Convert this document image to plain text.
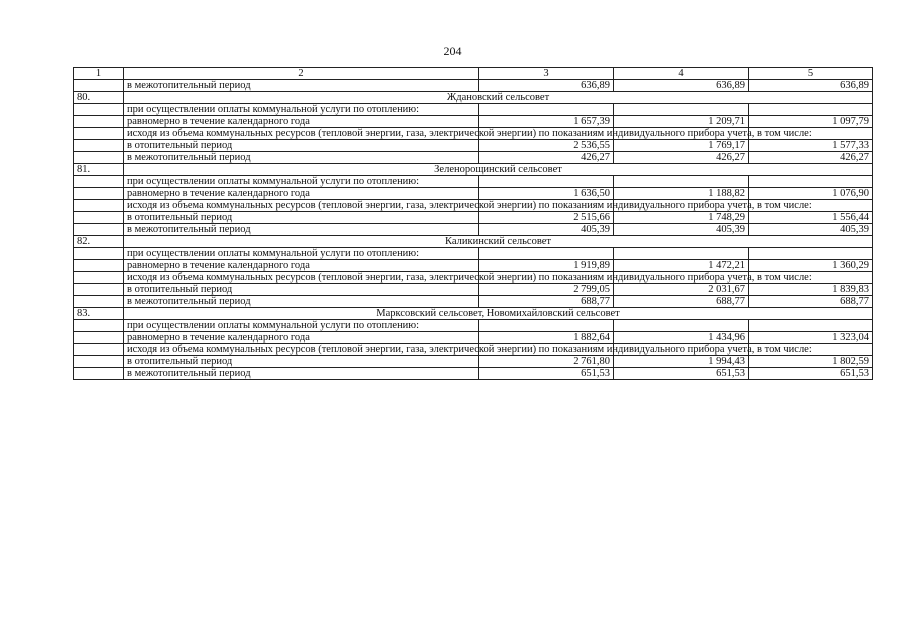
204
1	2	3	4	5
	в межотопительный период	636,89	636,89	636,89
80.	Ждановский сельсовет			
	при осуществлении оплаты коммунальной услуги по отоплению:			
	равномерно в течение календарного года	1 657,39	1 209,71	1 097,79
	исходя из объема коммунальных ресурсов (тепловой энергии, газа, электрической энергии) по показаниям индивидуального прибора учета, в том числе:			
	в отопительный период	2 536,55	1 769,17	1 577,33
	в межотопительный период	426,27	426,27	426,27
81.	Зеленорощинский сельсовет			
	при осуществлении оплаты коммунальной услуги по отоплению:			
	равномерно в течение календарного года	1 636,50	1 188,82	1 076,90
	исходя из объема коммунальных ресурсов (тепловой энергии, газа, электрической энергии) по показаниям индивидуального прибора учета, в том числе:			
	в отопительный период	2 515,66	1 748,29	1 556,44
	в межотопительный период	405,39	405,39	405,39
82.	Каликинский сельсовет			
	при осуществлении оплаты коммунальной услуги по отоплению:			
	равномерно в течение календарного года	1 919,89	1 472,21	1 360,29
	исходя из объема коммунальных ресурсов (тепловой энергии, газа, электрической энергии) по показаниям индивидуального прибора учета, в том числе:			
	в отопительный период	2 799,05	2 031,67	1 839,83
	в межотопительный период	688,77	688,77	688,77
83.	Марксовский сельсовет, Новомихайловский сельсовет			
	при осуществлении оплаты коммунальной услуги по отоплению:			
	равномерно в течение календарного года	1 882,64	1 434,96	1 323,04
	исходя из объема коммунальных ресурсов (тепловой энергии, газа, электрической энергии) по показаниям индивидуального прибора учета, в том числе:			
	в отопительный период	2 761,80	1 994,43	1 802,59
	в межотопительный период	651,53	651,53	651,53
